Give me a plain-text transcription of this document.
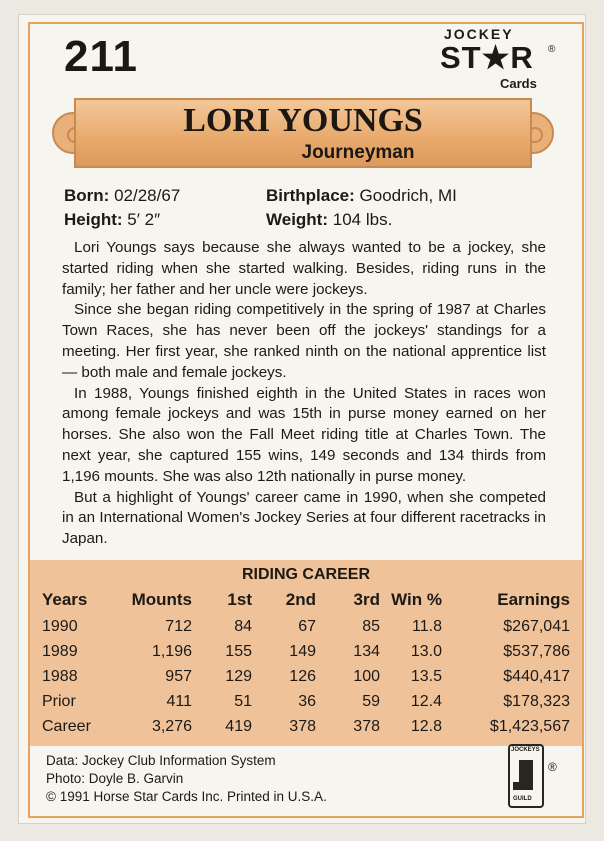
211	JOCKEY
ST★R ®
Cards
LORI YOUNGS
Journeyman
Born: 02/28/67	Birthplace: Goodrich, MI
Height: 5′ 2″	Weight: 104 lbs.

Lori Youngs says because she always wanted to be a jockey, she started riding when she started walking. Besides, riding runs in the family; her father and her uncle were jockeys.

Since she began riding competitively in the spring of 1987 at Charles Town Races, she has never been off the jockeys' standings for a meeting. Her first year, she ranked ninth on the national apprentice list — both male and female jockeys.

In 1988, Youngs finished eighth in the United States in races won among female jockeys and was 15th in purse money earned on her horses. She also won the Fall Meet riding title at Charles Town. The next year, she captured 155 wins, 149 seconds and 134 thirds from 1,196 mounts. She was also 12th nationally in purse money.

But a highlight of Youngs' career came in 1990, when she competed in an International Women's Jockey Series at four different racetracks in Japan.

RIDING CAREER
Years	Mounts	1st	2nd	3rd	Win %	Earnings
1990	712	84	67	85	11.8	$267,041
1989	1,196	155	149	134	13.0	$537,786
1988	957	129	126	100	13.5	$440,417
Prior	411	51	36	59	12.4	$178,323
Career	3,276	419	378	378	12.8	$1,423,567
Data: Jockey Club Information System
Photo: Doyle B. Garvin
© 1991 Horse Star Cards Inc. Printed in U.S.A.
JOCKEYS
GUILD
®
